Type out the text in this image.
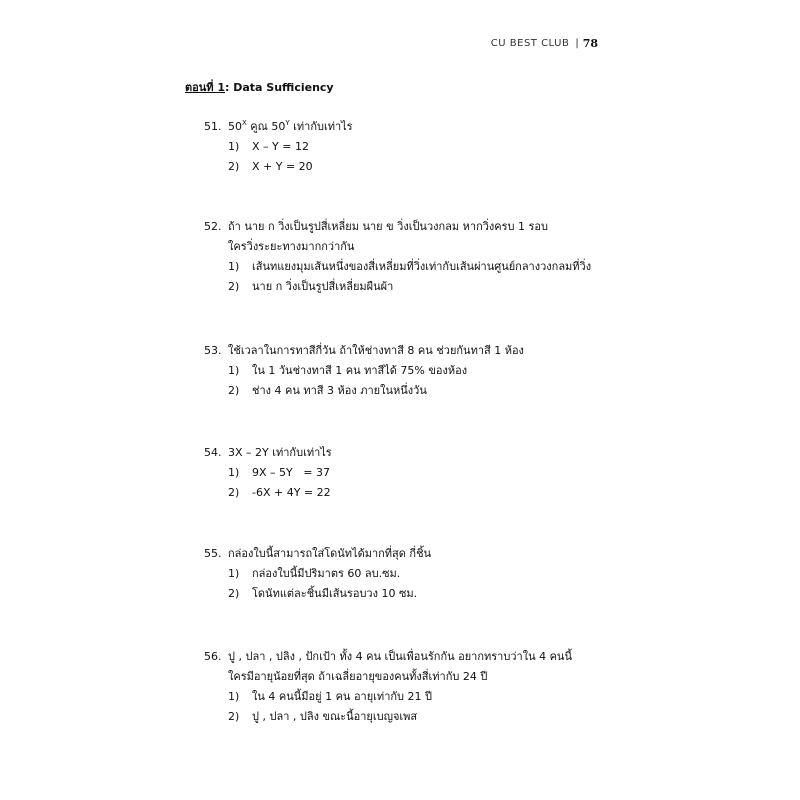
CU BEST CLUB | 78
ตอนที่ 1: Data Sufficiency
51. $50^X$ คูณ $50^Y$ เท่ากับเท่าไร
1)	X – Y = 12
2)	X + Y = 20
52. ถ้า นาย ก วิ่งเป็นรูปสี่เหลี่ยม นาย ข วิ่งเป็นวงกลม หากวิ่งครบ 1 รอบ
ใครวิ่งระยะทางมากกว่ากัน
1)	เส้นทแยงมุมเส้นหนึ่งของสี่เหลี่ยมที่วิ่งเท่ากับเส้นผ่านศูนย์กลางวงกลมที่วิ่ง
2)	นาย ก วิ่งเป็นรูปสี่เหลี่ยมผืนผ้า
53. ใช้เวลาในการทาสีกี่วัน ถ้าให้ช่างทาสี 8 คน ช่วยกันทาสี 1 ห้อง
1)	ใน 1 วันช่างทาสี 1 คน ทาสีได้ 75% ของห้อง
2)	ช่าง 4 คน ทาสี 3 ห้อง ภายในหนึ่งวัน
54. 3X – 2Y เท่ากับเท่าไร
1)	9X – 5Y   = 37
2)	-6X + 4Y = 22
55. กล่องใบนี้สามารถใส่โดนัทได้มากที่สุด กี่ชิ้น
1)	กล่องใบนี้มีปริมาตร 60 ลบ.ซม.
2)	โดนัทแต่ละชิ้นมีเส้นรอบวง 10 ซม.
56. ปู , ปลา , ปลิง , ปักเป้า ทั้ง 4 คน เป็นเพื่อนรักกัน อยากทราบว่าใน 4 คนนี้
ใครมีอายุน้อยที่สุด ถ้าเฉลี่ยอายุของคนทั้งสี่เท่ากับ 24 ปี
1)	ใน 4 คนนี้มีอยู่ 1 คน อายุเท่ากับ 21 ปี
2)	ปู , ปลา , ปลิง ขณะนี้อายุเบญจเพส
